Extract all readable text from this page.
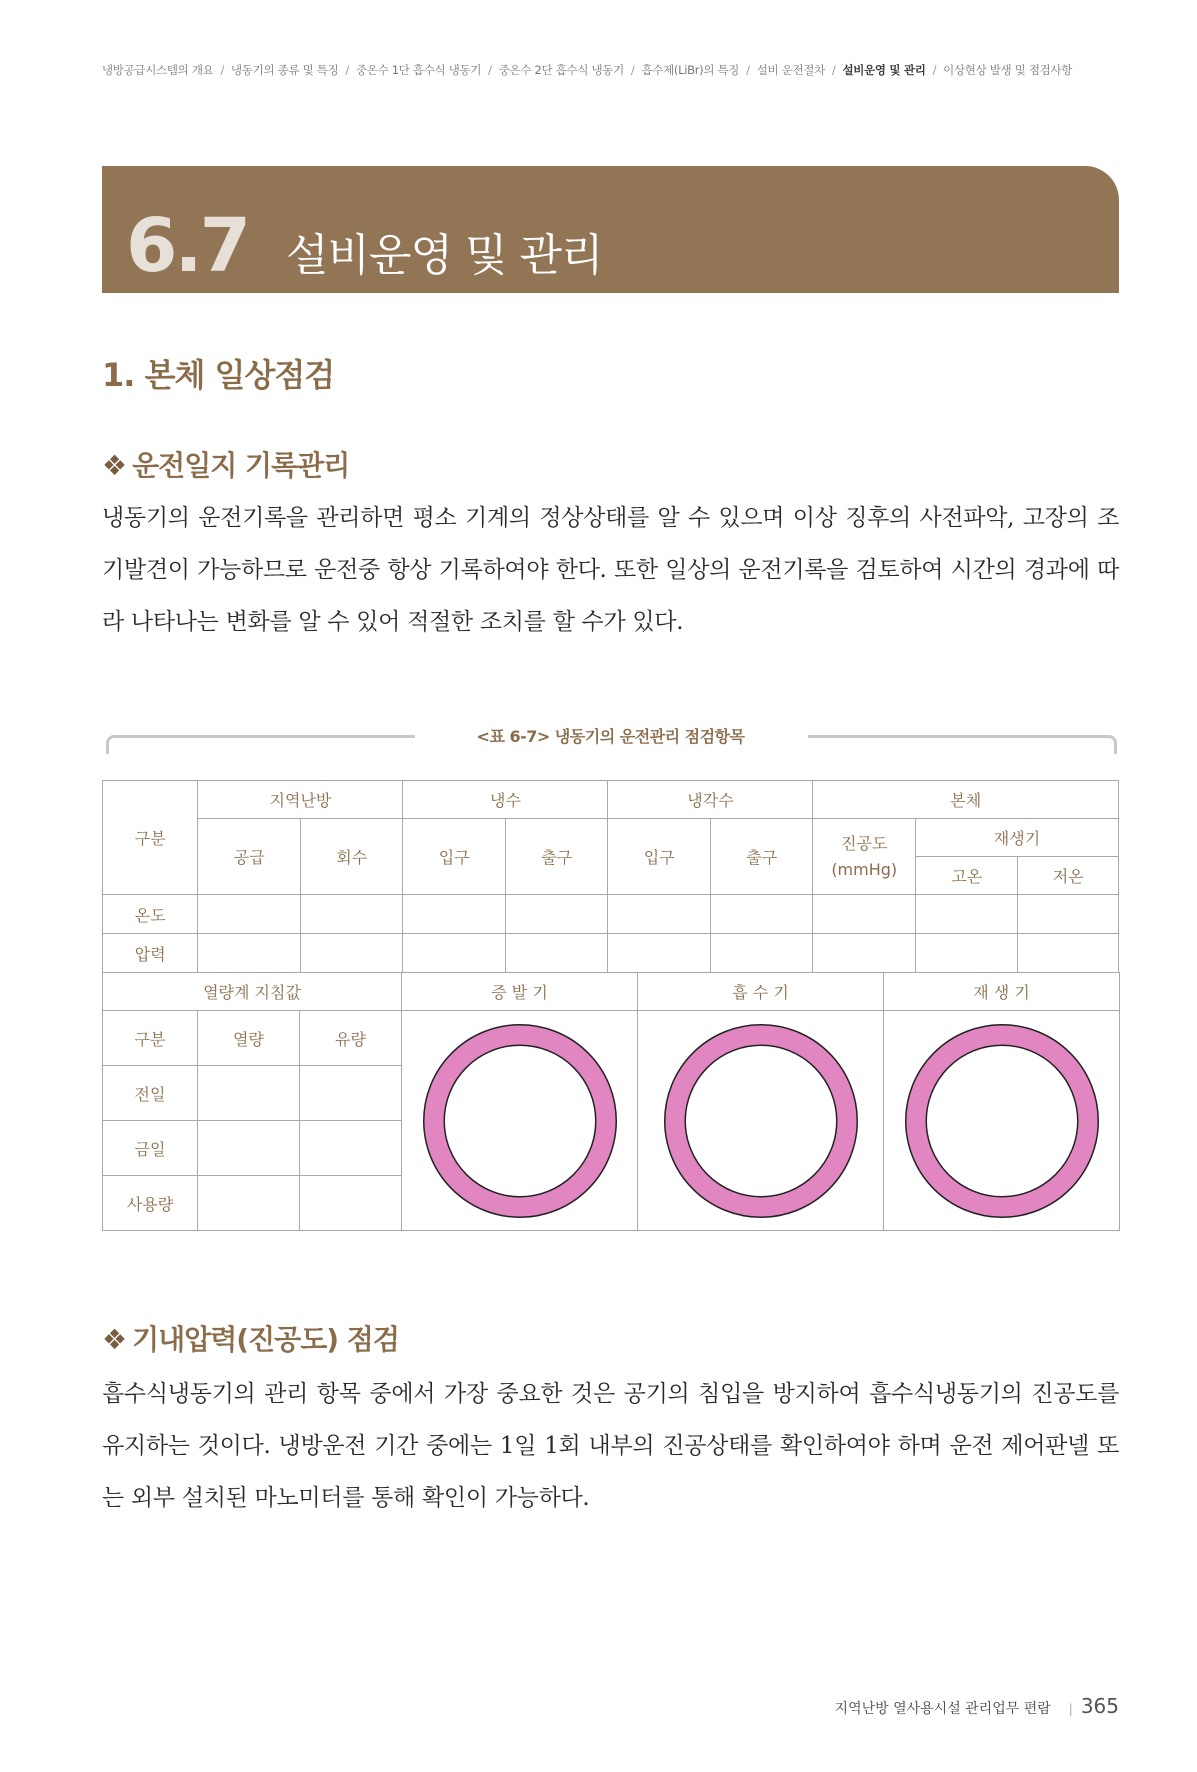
냉방공급시스템의 개요 / 냉동기의 종류 및 특징 / 중온수 1단 흡수식 냉동기 / 중온수 2단 흡수식 냉동기 / 흡수제(LiBr)의 특징 / 설비 운전절차 / 설비운영 및 관리 / 이상현상 발생 및 점검사항
6.7 설비운영 및 관리
1. 본체 일상점검
❖ 운전일지 기록관리
냉동기의 운전기록을 관리하면 평소 기계의 정상상태를 알 수 있으며 이상 징후의 사전파악, 고장의 조기발견이 가능하므로 운전중 항상 기록하여야 한다. 또한 일상의 운전기록을 검토하여 시간의 경과에 따라 나타나는 변화를 알 수 있어 적절한 조치를 할 수가 있다.
<표 6-7> 냉동기의 운전관리 점검항목
구분	지역난방		냉수		냉각수		본체		
	공급	회수	입구	출구	입구	출구	진공도 (mmHg)	재생기	
								고온	저온
온도									
압력									
열량계 지침값			증 발 기	흡 수 기	재 생 기
구분	열량	유량	

전일					
금일					
사용량					
❖ 기내압력(진공도) 점검
흡수식냉동기의 관리 항목 중에서 가장 중요한 것은 공기의 침입을 방지하여 흡수식냉동기의 진공도를 유지하는 것이다. 냉방운전 기간 중에는 1일 1회 내부의 진공상태를 확인하여야 하며 운전 제어판넬 또는 외부 설치된 마노미터를 통해 확인이 가능하다.
지역난방 열사용시설 관리업무 편람 | 365
